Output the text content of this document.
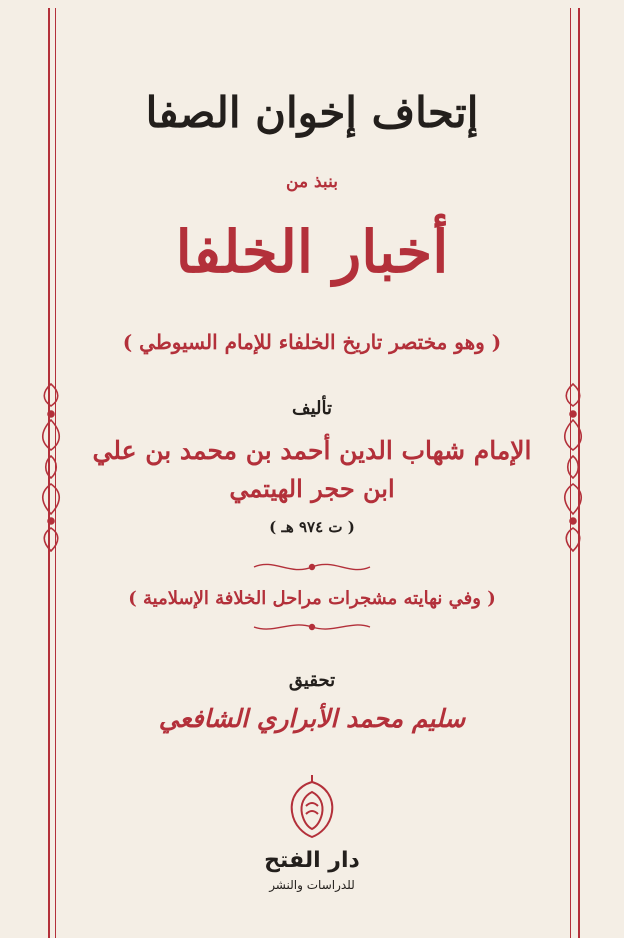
إتحاف إخوان الصفا
بنبذ من
أخبار الخلفا
( وهو مختصر تاريخ الخلفاء للإمام السيوطي )
تأليف
الإمام شهاب الدين أحمد بن محمد بن علي
ابن حجر الهيتمي
( ت ٩٧٤ هـ )
( وفي نهايته مشجرات مراحل الخلافة الإسلامية )
تحقيق
سليم محمد الأبراري الشافعي
دار الفتح
للدراسات والنشر
